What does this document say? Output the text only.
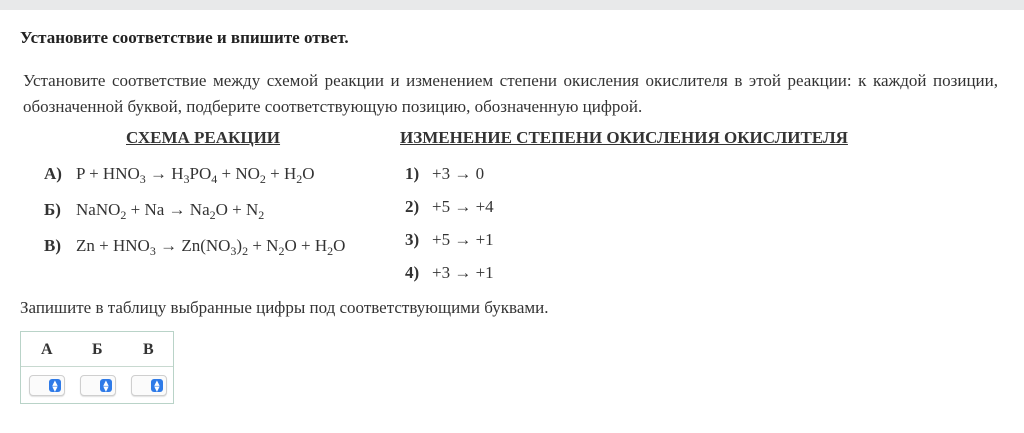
Установите соответствие и впишите ответ.
Установите соответствие между схемой реакции и изменением степени окисления окислителя в этой реакции: к каждой позиции, обозначенной буквой, подберите соответствующую позицию, обозначенную цифрой.
СХЕМА РЕАКЦИИ	ИЗМЕНЕНИЕ СТЕПЕНИ ОКИСЛЕНИЯ ОКИСЛИТЕЛЯ
А) $P + HNO_3 \to H_3PO_4 + NO_2 + H_2O$
Б) NaNO$_2$ + $Na \to Na_2O + N_2$
В) $Zn + HNO_3 \to Zn(NO_3)_2 + N_2O + H_2O$
1) +3 → 0
2) +5 → +4
3) +5 → +1
4) +3 → +1
Запишите в таблицу выбранные цифры под соответствующими буквами.
А Б	В
▲
▼
▲
▼
▲
▼
